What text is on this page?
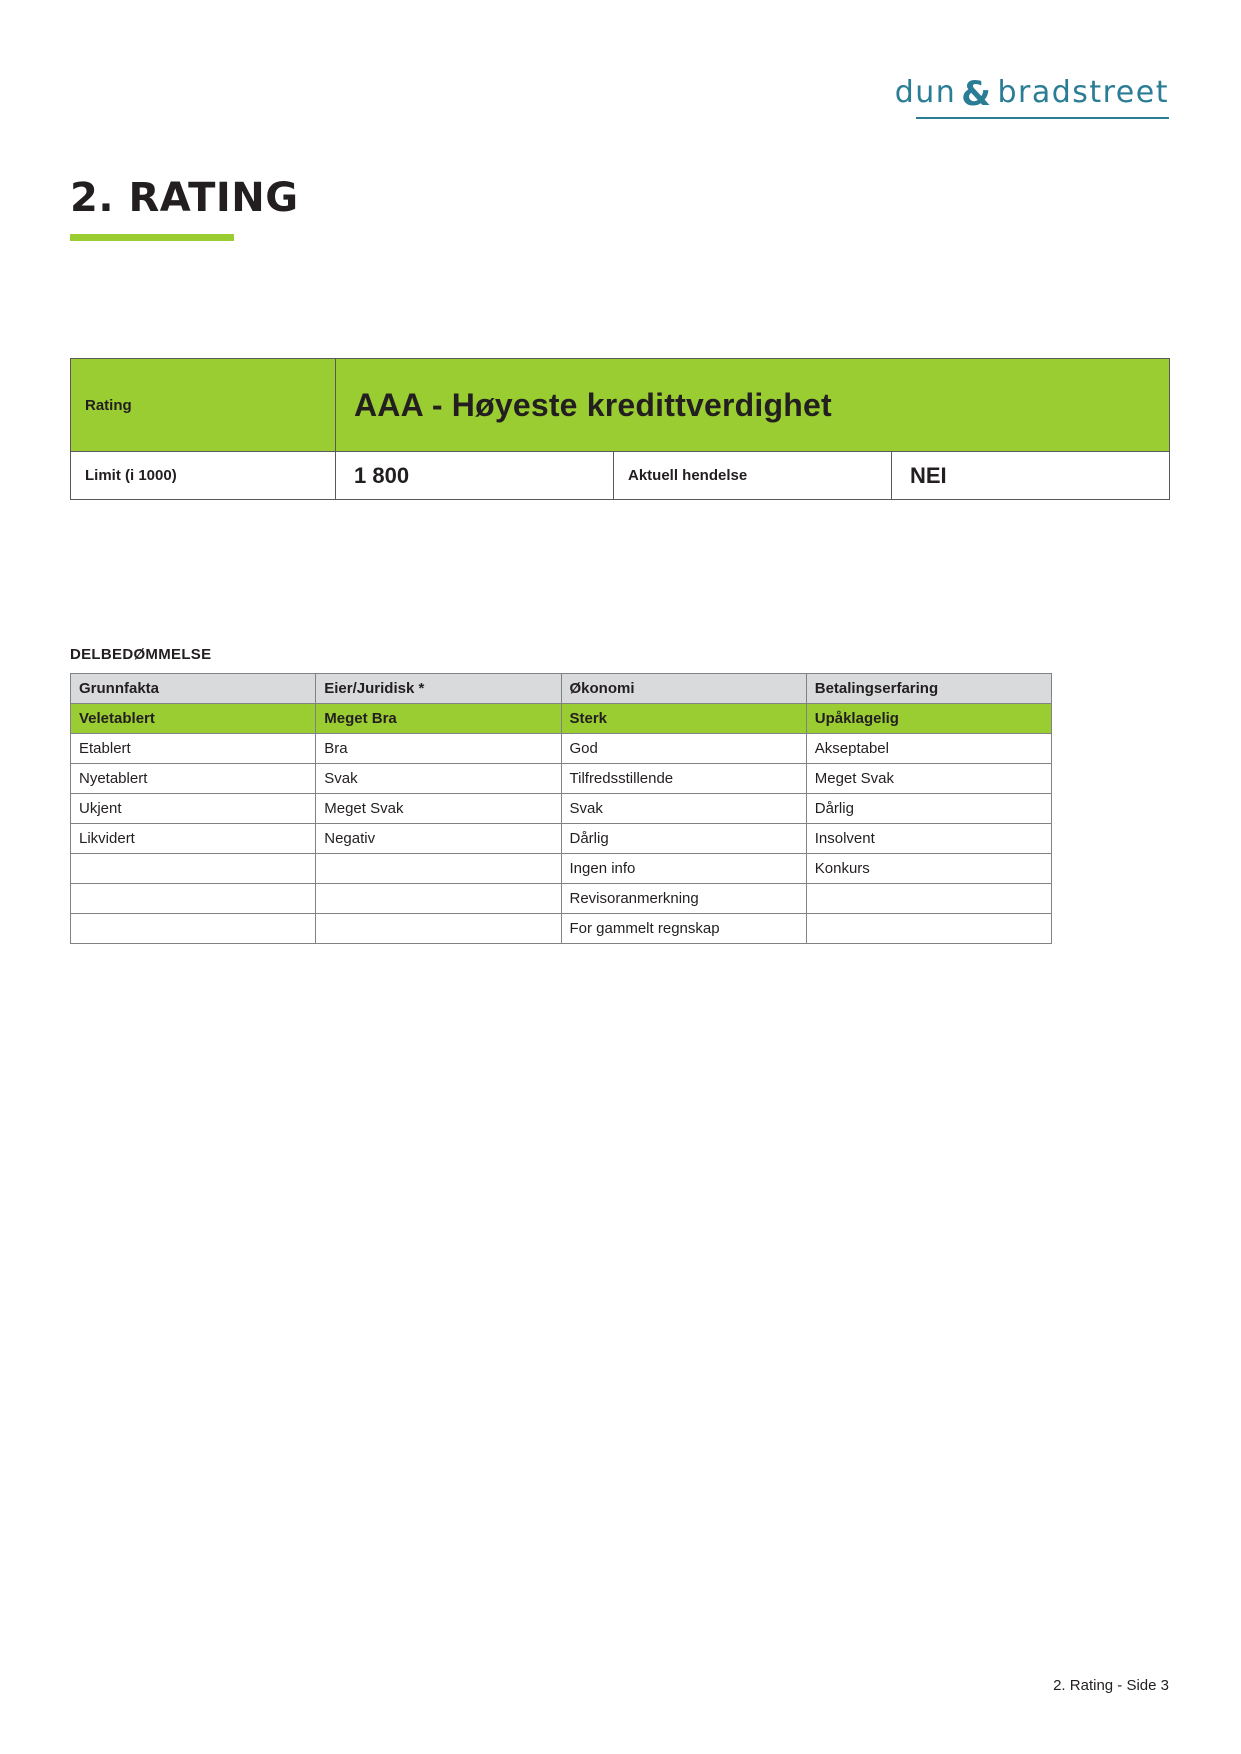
dun & bradstreet
2. RATING
Rating	AAA - Høyeste kredittverdighet		
Limit (i 1000)	1 800	Aktuell hendelse	NEI
DELBEDØMMELSE
Grunnfakta	Eier/Juridisk *	Økonomi	Betalingserfaring
Veletablert	Meget Bra	Sterk	Upåklagelig
Etablert	Bra	God	Akseptabel
Nyetablert	Svak	Tilfredsstillende	Meget Svak
Ukjent	Meget Svak	Svak	Dårlig
Likvidert	Negativ	Dårlig	Insolvent
		Ingen info	Konkurs
		Revisoranmerkning	
		For gammelt regnskap	
2. Rating - Side 3
